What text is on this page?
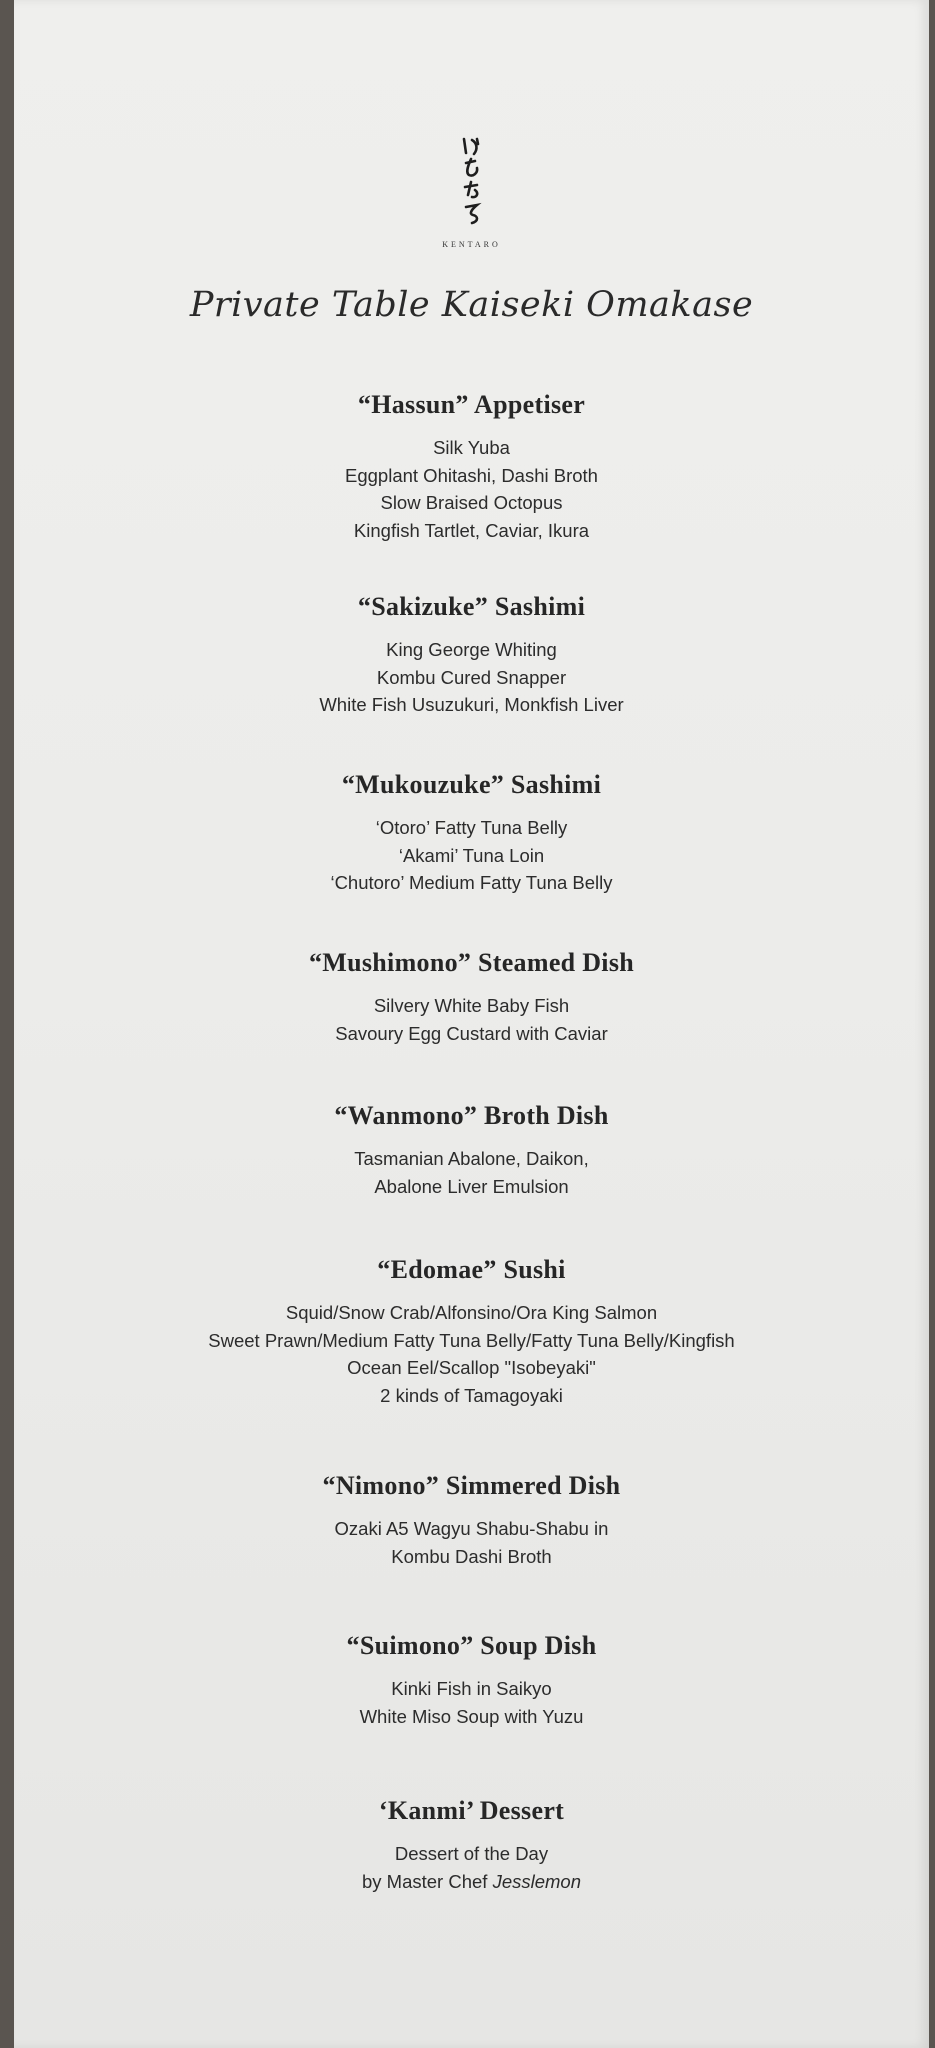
KENTARO
Private Table Kaiseki Omakase
“Hassun” Appetiser
Silk Yuba
Eggplant Ohitashi, Dashi Broth
Slow Braised Octopus
Kingfish Tartlet, Caviar, Ikura
“Sakizuke” Sashimi
King George Whiting
Kombu Cured Snapper
White Fish Usuzukuri, Monkfish Liver
“Mukouzuke” Sashimi
‘Otoro’ Fatty Tuna Belly
‘Akami’ Tuna Loin
‘Chutoro’ Medium Fatty Tuna Belly
“Mushimono” Steamed Dish
Silvery White Baby Fish
Savoury Egg Custard with Caviar
“Wanmono” Broth Dish
Tasmanian Abalone, Daikon,
Abalone Liver Emulsion
“Edomae” Sushi
Squid/Snow Crab/Alfonsino/Ora King Salmon
Sweet Prawn/Medium Fatty Tuna Belly/Fatty Tuna Belly/Kingfish
Ocean Eel/Scallop "Isobeyaki"
2 kinds of Tamagoyaki
“Nimono” Simmered Dish
Ozaki A5 Wagyu Shabu-Shabu in
Kombu Dashi Broth
“Suimono” Soup Dish
Kinki Fish in Saikyo
White Miso Soup with Yuzu
‘Kanmi’ Dessert
Dessert of the Day
by Master Chef Jesslemon
